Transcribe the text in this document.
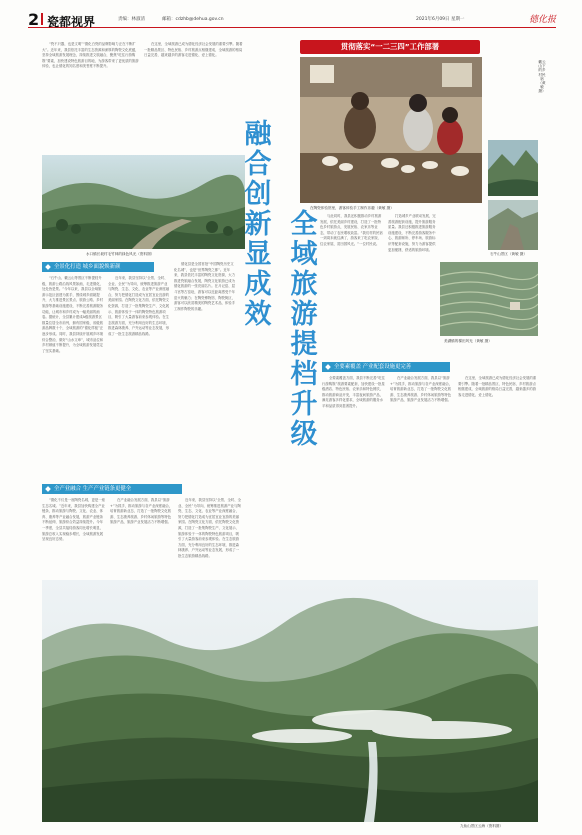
2 瓷都视界	责编：林淑清	邮箱：cdzhb@dehua.gov.cn	2021年6月09日 星期一	德化报

“瓷不只器，也是文明”“德化白瓷的品牌影响力正在不断扩大”。近年来，我县依托丰富的生态资源和深厚的陶瓷文化底蕴，坚持全域旅游发展理念，持续推进文旅融合，聚焦“吃住行游购娱”要素，加快建设特色旅游目的地，为游客带来了更优质的旅游体验，也让德化的知名度和美誉度不断提升。

在这里，全域旅游已成为德化经济社会发展的重要引擎。随着一批精品景区、特色民宿、乡村旅游点相继建成，全域旅游的格局日益完善，越来越多的游客走进德化、爱上德化。

水口镇长坂村毛竹林的绿色风光（资料图）
贯彻落实“一二三四”工作部署
在陶瓷体验馆里，游客体验手工制作乐趣（黄敏 摄）
戴云山下的乡村民宿（黄敏 摄）
石牛山景区（黄敏 摄）
融合创新显成效
全域旅游提档升级
全景化打造 城乡面貌焕新颜

“石牛山、戴云山等景区不断提档升级，旅游公路沿线风景如画，走进德化，处处皆是景。”今年以来，我县以全域旅游示范区创建为抓手，围绕城乡面貌提升，大力推进景区景点、旅游公路、乡村旅游等基础设施建设，不断完善旅游服务功能，让城市和乡村成为一幅美丽的画卷。据统计，全县累计建成A级旅游景区数量位居全市前列，拥有国家级、省级旅游品牌数十个，全域旅游的“德化样板”正逐步形成。同时，我县持续开展城乡环境综合整治，做好“山水文章”，城市品位和乡村颜值不断提升，为全域旅游发展奠定了坚实基础。

近年来，我县坚持以“全景、全时、全业、全民”为导向，统筹推进旅游产业与陶瓷、生态、文化、农业等产业深度融合，努力把德化打造成为宜居宜业宜游的美丽家园。在陶瓷文化方面，依托陶瓷文化资源，打造了一批集陶瓷生产、文化展示、旅游体验于一体的陶瓷特色旅游项目，吸引了大量游客前来参观体验。在生态旅游方面，充分利用良好的生态环境，推进森林康养、户外运动等业态发展，形成了一批生态旅游精品线路。

德化县是全国首批“中国陶瓷历史文化名城”，也是“世界陶瓷之都”。近年来，我县依托丰富的陶瓷文化资源，大力推进瓷旅融合发展，陶瓷文化旅游已成为德化旅游的一张亮丽名片。在月记窑、屈斗宫等古窑址，游客可以近距离感受千年窑火的魅力；在陶瓷博物馆、陶瓷街区，游客可以欣赏精美的陶瓷艺术品，体验手工制作陶瓷的乐趣。

与此同时，我县还积极推动乡村旅游发展，依托美丽乡村建设，打造了一批特色乡村旅游点，发展民宿、农家乐等业态，带动了农民增收致富。“我们村的民宿一到周末就住满了，游客来了吃农家饭、住农家屋、赏田园风光。”一位村民说。

打造城乡产业联动发展，完善旅游配套设施，提升旅游服务质量。我县还积极推进旅游服务设施建设，不断完善游客服务中心、旅游厕所、停车场、旅游标识等配套设施，努力为游客提供更加便捷、舒适的旅游环境。

美湖镇的梯田风光（黄敏 摄）
全要素覆盖 产业配套设施更完善

全要素覆盖方面，我县不断完善“吃住行游购娱”旅游要素配套，加快建设一批星级酒店、特色民宿、农家乐和特色餐饮，推动旅游商品开发，丰富夜间旅游产品，满足游客多样化需求，全域旅游的服务水平和品质得到显著提升。

在产业融合发展方面，我县以“旅游+”为抓手，推动旅游与各产业深度融合，培育旅游新业态，打造了一批陶瓷文化旅游、生态康养旅游、乡村休闲旅游等特色旅游产品，旅游产业发展活力不断增强。

在这里，全域旅游已成为德化经济社会发展的重要引擎。随着一批精品景区、特色民宿、乡村旅游点相继建成，全域旅游的格局日益完善，越来越多的游客走进德化、爱上德化。

全产业融合 生产产业链条更健全

“德化不仅是一座陶瓷名城，更是一座生态名城。”近年来，我县加快构建全产业链条，推动旅游与陶瓷、文化、农业、体育、康养等产业融合发展，旅游产业链条不断延伸，旅游综合效益持续提升。今年一季度，全县共接待游客同比增长明显，旅游总收入实现稳步增长，全域旅游发展呈现良好态势。

在产业融合发展方面，我县以“旅游+”为抓手，推动旅游与各产业深度融合，培育旅游新业态，打造了一批陶瓷文化旅游、生态康养旅游、乡村休闲旅游等特色旅游产品，旅游产业发展活力不断增强。

近年来，我县坚持以“全景、全时、全业、全民”为导向，统筹推进旅游产业与陶瓷、生态、文化、农业等产业深度融合，努力把德化打造成为宜居宜业宜游的美丽家园。在陶瓷文化方面，依托陶瓷文化资源，打造了一批集陶瓷生产、文化展示、旅游体验于一体的陶瓷特色旅游项目，吸引了大量游客前来参观体验。在生态旅游方面，充分利用良好的生态环境，推进森林康养、户外运动等业态发展，形成了一批生态旅游精品线路。

九仙山景区云海（资料图）
